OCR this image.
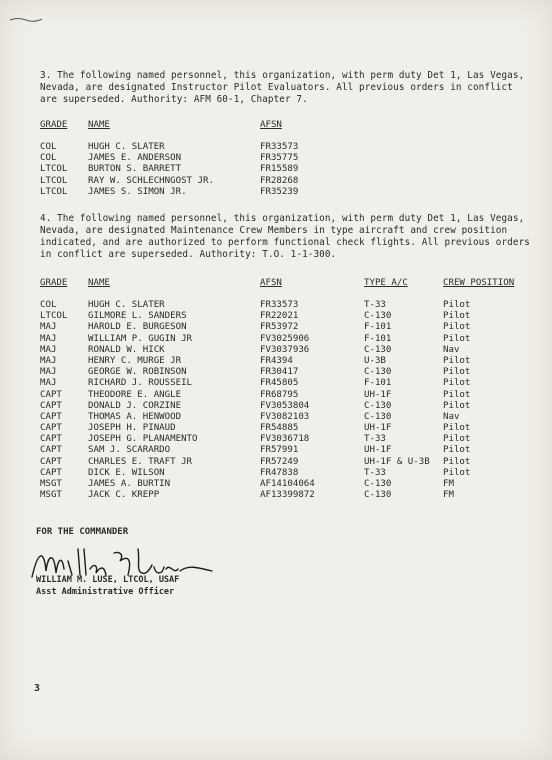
3. The following named personnel, this organization, with perm duty Det 1, Las Vegas, Nevada, are designated Instructor Pilot Evaluators. All previous orders in conflict are superseded. Authority: AFM 60-1, Chapter 7.
GRADE NAME	AFSN
COL	HUGH C. SLATER	FR33573
COL	JAMES E. ANDERSON	FR35775
LTCOL BURTON S. BARRETT	FR15589
LTCOL RAY W. SCHLECHNGOST JR.	FR28268
LTCOL JAMES S. SIMON JR.	FR35239
4. The following named personnel, this organization, with perm duty Det 1, Las Vegas, Nevada, are designated Maintenance Crew Members in type aircraft and crew position indicated, and are authorized to perform functional check flights. All previous orders in conflict are superseded. Authority: T.O. 1-1-300.
GRADE NAME	AFSN	TYPE A/C	CREW POSITION
COL	HUGH C. SLATER	FR33573	T-33	Pilot
LTCOL GILMORE L. SANDERS	FR22021	C-130	Pilot
MAJ	HAROLD E. BURGESON	FR53972	F-101	Pilot
MAJ	WILLIAM P. GUGIN JR	FV3025906	F-101	Pilot
MAJ	RONALD W. HICK	FV3037936	C-130	Nav
MAJ	HENRY C. MURGE JR	FR4394	U-3B	Pilot
MAJ	GEORGE W. ROBINSON	FR30417	C-130	Pilot
MAJ	RICHARD J. ROUSSEIL	FR45805	F-101	Pilot
CAPT	THEODORE E. ANGLE	FR68795	UH-1F	Pilot
CAPT	DONALD J. CORZINE	FV3053804	C-130	Pilot
CAPT	THOMAS A. HENWOOD	FV3082103	C-130	Nav
CAPT	JOSEPH H. PINAUD	FR54885	UH-1F	Pilot
CAPT	JOSEPH G. PLANAMENTO	FV3036718	T-33	Pilot
CAPT	SAM J. SCARARDO	FR57991	UH-1F	Pilot
CAPT	CHARLES E. TRAFT JR	FR57249	UH-1F & U-3B Pilot
CAPT	DICK E. WILSON	FR47838	T-33	Pilot
MSGT	JAMES A. BURTIN	AF14104064	C-130	FM
MSGT	JACK C. KREPP	AF13399872	C-130	FM
FOR THE COMMANDER
WILLIAM M. LUSE, LTCOL, USAF
Asst Administrative Officer
3
